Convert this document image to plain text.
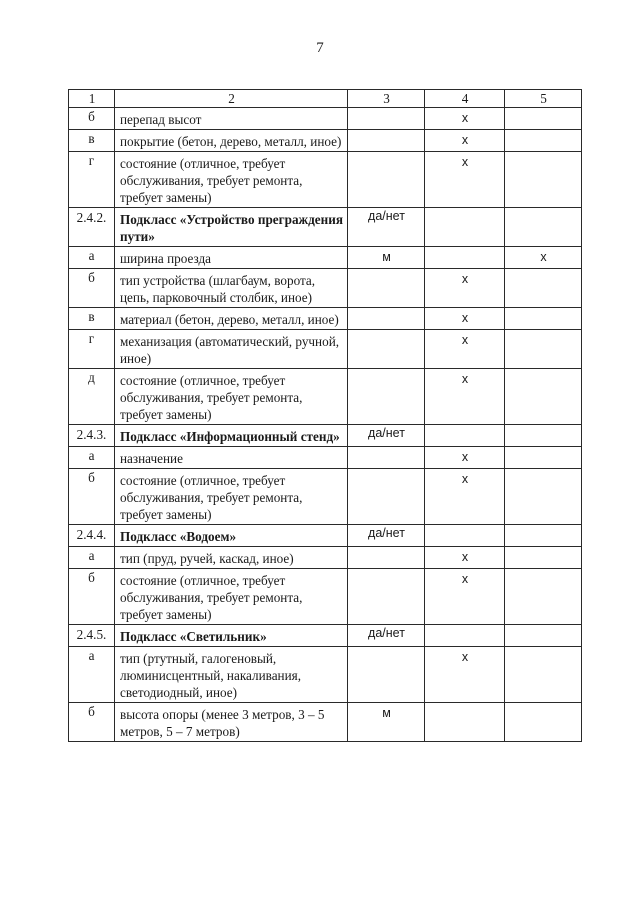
7
1	2	3	4	5
б	перепад высот		х	
в	покрытие (бетон, дерево, металл, иное)		х	
г	состояние (отличное, требует обслуживания, требует ремонта, требует замены)		х	
2.4.2.	Подкласс «Устройство преграждения пути»	да/нет		
а	ширина проезда	м		х
б	тип устройства (шлагбаум, ворота, цепь, парковочный столбик, иное)		х	
в	материал (бетон, дерево, металл, иное)		х	
г	механизация (автоматический, ручной, иное)		х	
д	состояние (отличное, требует обслуживания, требует ремонта, требует замены)		х	
2.4.3.	Подкласс «Информационный стенд»	да/нет		
а	назначение		х	
б	состояние (отличное, требует обслуживания, требует ремонта, требует замены)		х	
2.4.4.	Подкласс «Водоем»	да/нет		
а	тип (пруд, ручей, каскад, иное)		х	
б	состояние (отличное, требует обслуживания, требует ремонта, требует замены)		х	
2.4.5.	Подкласс «Светильник»	да/нет		
а	тип (ртутный, галогеновый, люминисцентный, накаливания, светодиодный, иное)		х	
б	высота опоры (менее 3 метров, 3 – 5 метров, 5 – 7 метров)	м		
